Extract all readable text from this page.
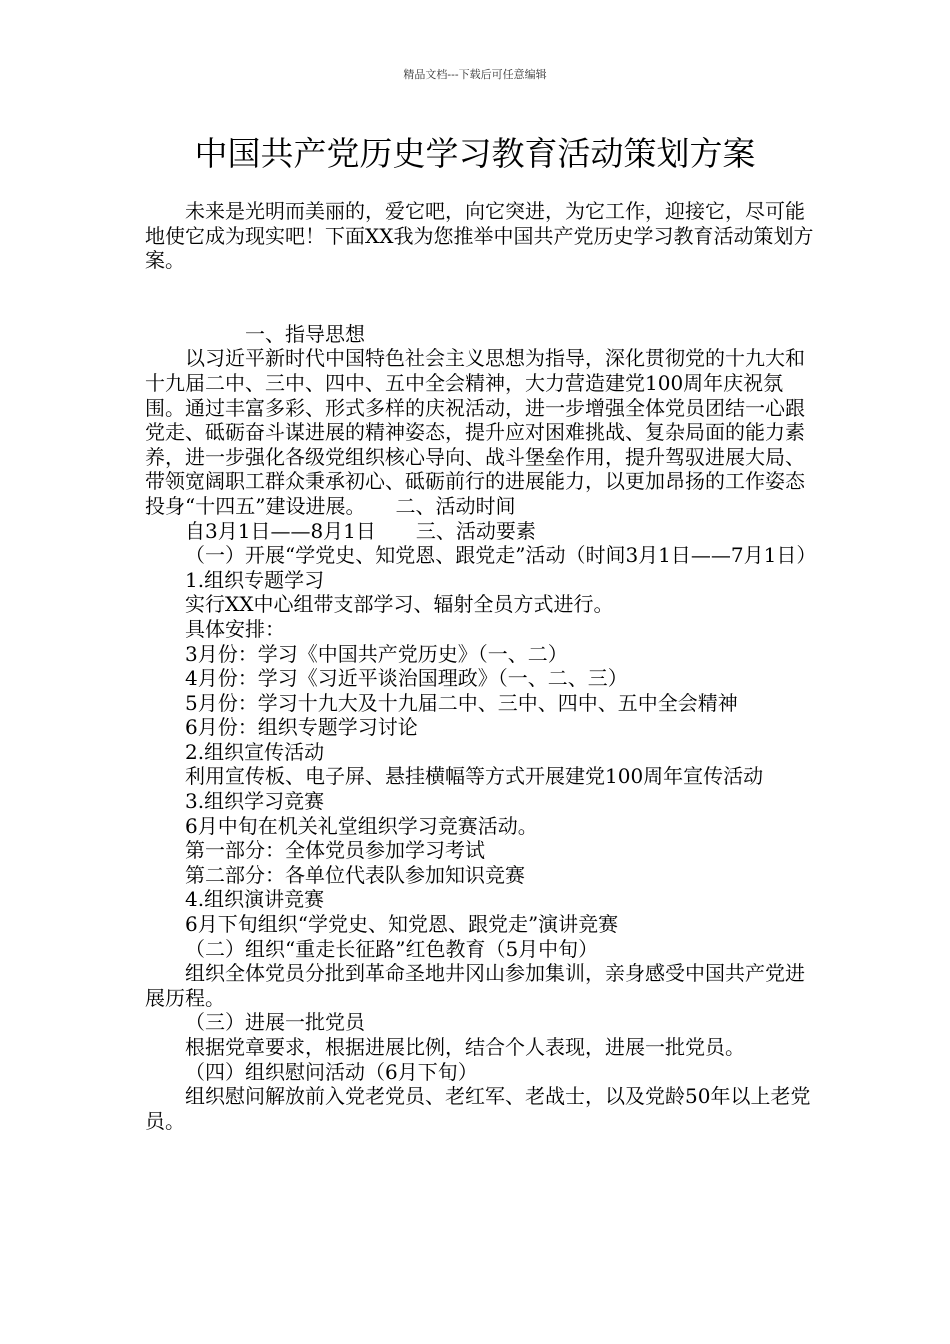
精品文档---下载后可任意编辑
中国共产党历史学习教育活动策划方案

未来是光明而美丽的，爱它吧，向它突进，为它工作，迎接它，尽可能地使它成为现实吧！下面XX我为您推举中国共产党历史学习教育活动策划方案。

一、指导思想

以习近平新时代中国特色社会主义思想为指导，深化贯彻党的十九大和十九届二中、三中、四中、五中全会精神，大力营造建党100周年庆祝氛围。通过丰富多彩、形式多样的庆祝活动，进一步增强全体党员团结一心跟党走、砥砺奋斗谋进展的精神姿态，提升应对困难挑战、复杂局面的能力素养，进一步强化各级党组织核心导向、战斗堡垒作用，提升驾驭进展大局、带领宽阔职工群众秉承初心、砥砺前行的进展能力，以更加昂扬的工作姿态投身“十四五”建设进展。　　二、活动时间

自3月1日——8月1日　　三、活动要素

（一）开展“学党史、知党恩、跟党走”活动（时间3月1日——7月1日）

1.组织专题学习

实行XX中心组带支部学习、辐射全员方式进行。

具体安排：

3月份：学习《中国共产党历史》（一、二）

4月份：学习《习近平谈治国理政》（一、二、三）

5月份：学习十九大及十九届二中、三中、四中、五中全会精神

6月份：组织专题学习讨论

2.组织宣传活动

利用宣传板、电子屏、悬挂横幅等方式开展建党100周年宣传活动

3.组织学习竞赛

6月中旬在机关礼堂组织学习竞赛活动。

第一部分：全体党员参加学习考试

第二部分：各单位代表队参加知识竞赛

4.组织演讲竞赛

6月下旬组织“学党史、知党恩、跟党走”演讲竞赛

（二）组织“重走长征路”红色教育（5月中旬）

组织全体党员分批到革命圣地井冈山参加集训，亲身感受中国共产党进展历程。

（三）进展一批党员

根据党章要求，根据进展比例，结合个人表现，进展一批党员。

（四）组织慰问活动（6月下旬）

组织慰问解放前入党老党员、老红军、老战士，以及党龄50年以上老党员。
